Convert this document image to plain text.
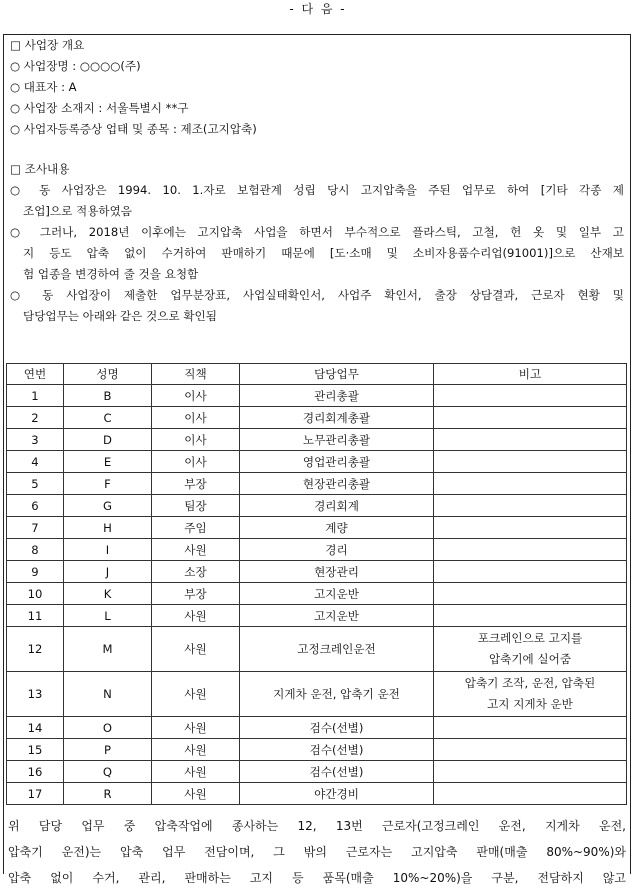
- 다 음 -
□ 사업장 개요
○ 사업장명 : ○○○○(주)
○ 대표자 : A
○ 사업장 소재지 : 서울특별시 **구
○ 사업자등록증상 업태 및 종목 : 제조(고지압축)
□ 조사내용
○ 동 사업장은 1994. 10. 1.자로 보험관계 성립 당시 고지압축을 주된 업무로 하여 [기타 각종 제
조업]으로 적용하였음
○ 그러나, 2018년 이후에는 고지압축 사업을 하면서 부수적으로 플라스틱, 고철, 헌 옷 및 일부 고
지 등도 압축 없이 수거하여 판매하기 때문에 [도·소매 및 소비자용품수리업(91001)]으로 산재보
험 업종을 변경하여 줄 것을 요청함
○ 동 사업장이 제출한 업무분장표, 사업실태확인서, 사업주 확인서, 출장 상담결과, 근로자 현황 및
담당업무는 아래와 같은 것으로 확인됨
연번	성명	직책	담당업무	비고
1	B	이사	관리총괄	

2	C	이사	경리회계총괄	

3	D	이사	노무관리총괄	

4	E	이사	영업관리총괄	

5	F	부장	현장관리총괄	

6	G	팀장	경리회계	

7	H	주임	계량	

8	I	사원	경리	

9	J	소장	현장관리	

10	K	부장	고지운반	

11	L	사원	고지운반	

12	M	사원	고정크레인운전	포크레인으로 고지를
압축기에 실어줌

13	N	사원	지게차 운전, 압축기 운전	압축기 조작, 운전, 압축된
고지 지게차 운반

14	O	사원	검수(선별)	

15	P	사원	검수(선별)	

16	Q	사원	검수(선별)	

17	R	사원	야간경비	
위 담당 업무 중 압축작업에 종사하는 12, 13번 근로자(고정크레인 운전, 지게차 운전,
압축기 운전)는 압축 업무 전담이며, 그 밖의 근로자는 고지압축 판매(매출 80%~90%)와
압축 없이 수거, 관리, 판매하는 고지 등 품목(매출 10%~20%)을 구분, 전담하지 않고
